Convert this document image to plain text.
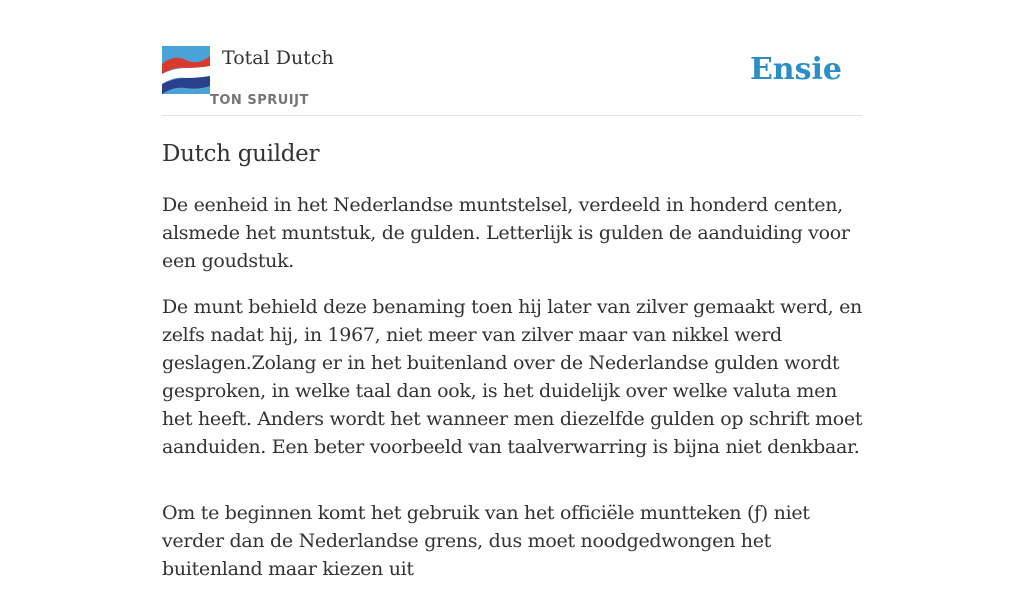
Total Dutch
TON SPRUIJT
Ensie
Dutch guilder

De eenheid in het Nederlandse muntstelsel, verdeeld in honderd centen, alsmede het muntstuk, de gulden. Letterlijk is gulden de aanduiding voor een goudstuk.

De munt behield deze benaming toen hij later van zilver gemaakt werd, en zelfs nadat hij, in 1967, niet meer van zilver maar van nikkel werd geslagen.Zolang er in het buitenland over de Nederlandse gulden wordt gesproken, in welke taal dan ook, is het duidelijk over welke valuta men het heeft. Anders wordt het wanneer men diezelfde gulden op schrift moet aanduiden. Een beter voorbeeld van taalverwarring is bijna niet denkbaar.

Om te beginnen komt het gebruik van het officiële muntteken (ƒ) niet verder dan de Nederlandse grens, dus moet noodgedwongen het buitenland maar kiezen uit
